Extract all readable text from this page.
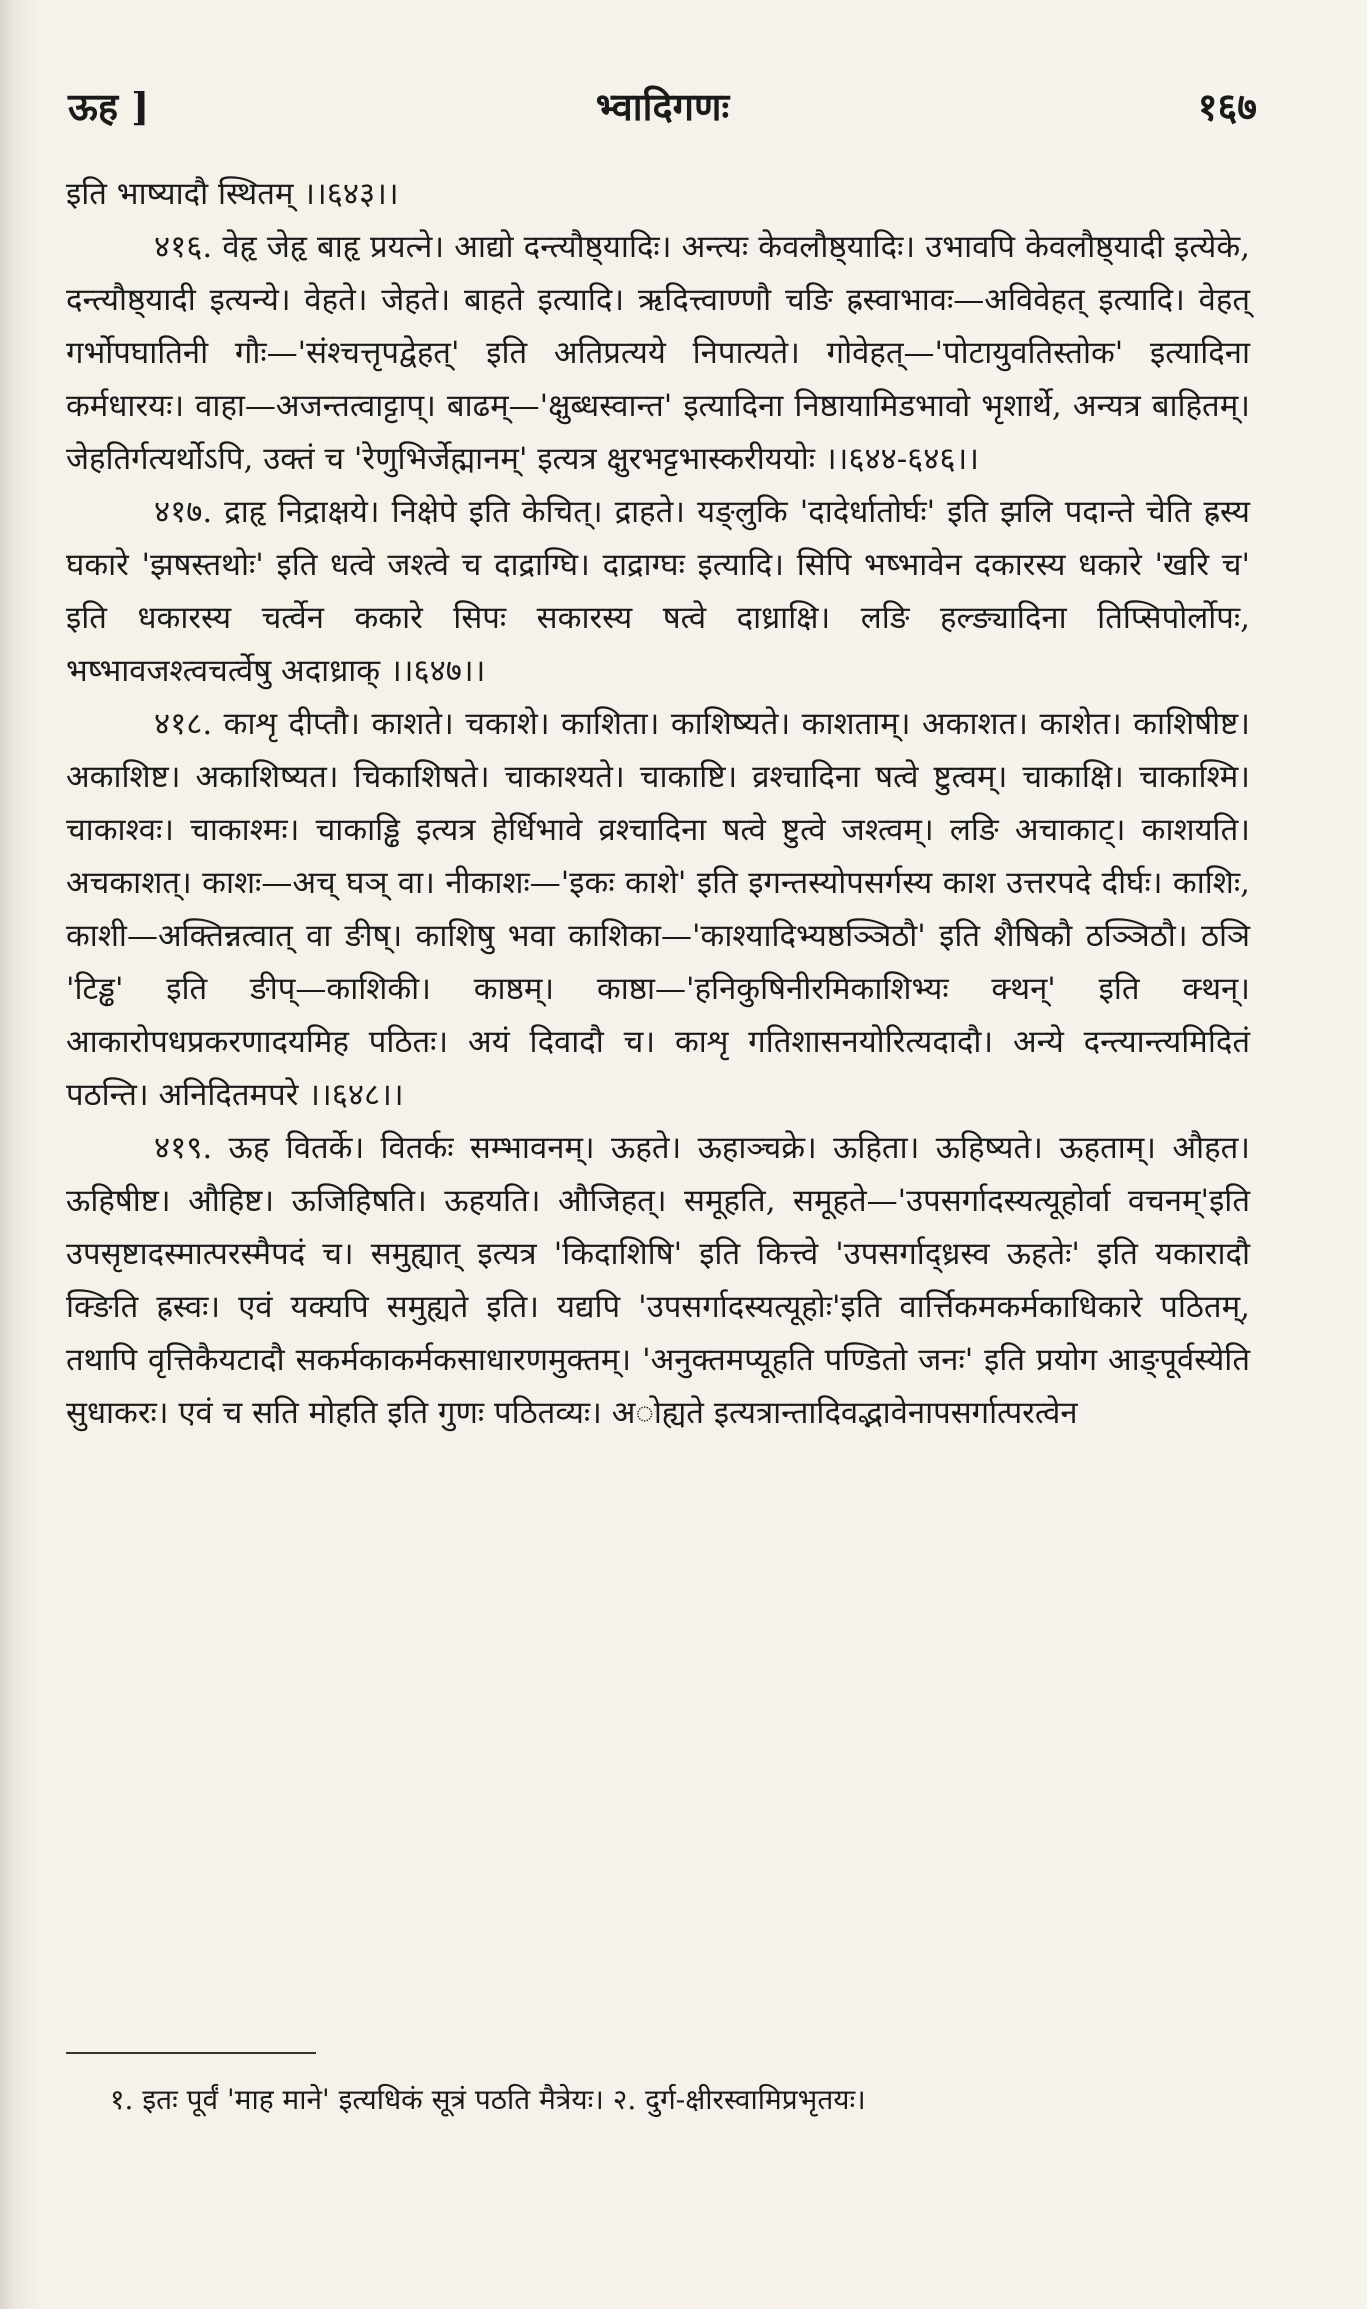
ऊह ]	भ्वादिगणः	१६७

इति भाष्यादौ स्थितम् ।।६४३।।

४१६. वेहृ जेहृ बाहृ प्रयत्ने। आद्यो दन्त्यौष्ठ्यादिः। अन्त्यः केवलौष्ठ्यादिः। उभावपि केवलौष्ठ्यादी इत्येके, दन्त्यौष्ठ्यादी इत्यन्ये। वेहते। जेहते। बाहते इत्यादि। ऋदित्त्वाण्णौ चङि ह्रस्वाभावः—अविवेहत् इत्यादि। वेहत् गर्भोपघातिनी गौः—'संश्चत्तृपद्वेहत्' इति अतिप्रत्यये निपात्यते। गोवेहत्—'पोटायुवतिस्तोक' इत्यादिना कर्मधारयः। वाहा—अजन्तत्वाट्टाप्। बाढम्—'क्षुब्धस्वान्त' इत्यादिना निष्ठायामिडभावो भृशार्थे, अन्यत्र बाहितम्। जेहतिर्गत्यर्थोऽपि, उक्तं च 'रेणुभिर्जेह्मानम्' इत्यत्र क्षुरभट्टभास्करीययोः ।।६४४-६४६।।

४१७. द्राहृ निद्राक्षये। निक्षेपे इति केचित्। द्राहते। यङ्लुकि 'दादेर्धातोर्घः' इति झलि पदान्ते चेति ह्रस्य घकारे 'झषस्तथोः' इति धत्वे जश्त्वे च दाद्राग्घि। दाद्राग्घः इत्यादि। सिपि भष्भावेन दकारस्य धकारे 'खरि च' इति धकारस्य चर्त्वेन ककारे सिपः सकारस्य षत्वे दाध्राक्षि। लङि हल्ङ्यादिना तिप्सिपोर्लोपः, भष्भावजश्त्वचर्त्वेषु अदाध्राक् ।।६४७।।

४१८. काशृ दीप्तौ। काशते। चकाशे। काशिता। काशिष्यते। काशताम्। अकाशत। काशेत। काशिषीष्ट। अकाशिष्ट। अकाशिष्यत। चिकाशिषते। चाकाश्यते। चाकाष्टि। व्रश्चादिना षत्वे ष्टुत्वम्। चाकाक्षि। चाकाश्मि। चाकाश्वः। चाकाश्मः। चाकाड्ढि इत्यत्र हेर्धिभावे व्रश्चादिना षत्वे ष्टुत्वे जश्त्वम्। लङि अचाकाट्। काशयति। अचकाशत्। काशः—अच् घञ् वा। नीकाशः—'इकः काशे' इति इगन्तस्योपसर्गस्य काश उत्तरपदे दीर्घः। काशिः, काशी—अक्तिन्नत्वात् वा ङीष्। काशिषु भवा काशिका—'काश्यादिभ्यष्ठञ्ञिठौ' इति शैषिकौ ठञ्ञिठौ। ठञि 'टिड्ढ' इति ङीप्—काशिकी। काष्ठम्। काष्ठा—'हनिकुषिनीरमिकाशिभ्यः क्थन्' इति क्थन्। आकारोपधप्रकरणादयमिह पठितः। अयं दिवादौ च। काशृ गतिशासनयोरित्यदादौ। अन्ये दन्त्यान्त्यमिदितं पठन्ति। अनिदितमपरे ।।६४८।।

४१९. ऊह वितर्के। वितर्कः सम्भावनम्। ऊहते। ऊहाञ्चक्रे। ऊहिता। ऊहिष्यते। ऊहताम्। औहत। ऊहिषीष्ट। औहिष्ट। ऊजिहिषति। ऊहयति। औजिहत्। समूहति, समूहते—'उपसर्गादस्यत्यूहोर्वा वचनम्'इति उपसृष्टादस्मात्परस्मैपदं च। समुह्यात् इत्यत्र 'किदाशिषि' इति कित्त्वे 'उपसर्गाद्ध्रस्व ऊहतेः' इति यकारादौ क्ङिति ह्रस्वः। एवं यक्यपि समुह्यते इति। यद्यपि 'उपसर्गादस्यत्यूहोः'इति वार्त्तिकमकर्मकाधिकारे पठितम्, तथापि वृत्तिकैयटादौ सकर्मकाकर्मकसाधारणमुक्तम्। 'अनुक्तमप्यूहति पण्डितो जनः' इति प्रयोग आङ्पूर्वस्येति सुधाकरः। एवं च सति मोहति इति गुणः पठितव्यः। अोह्यते इत्यत्रान्तादिवद्भावेनापसर्गात्परत्वेन

१. इतः पूर्वं 'माह माने' इत्यधिकं सूत्रं पठति मैत्रेयः। २. दुर्ग-क्षीरस्वामिप्रभृतयः।
